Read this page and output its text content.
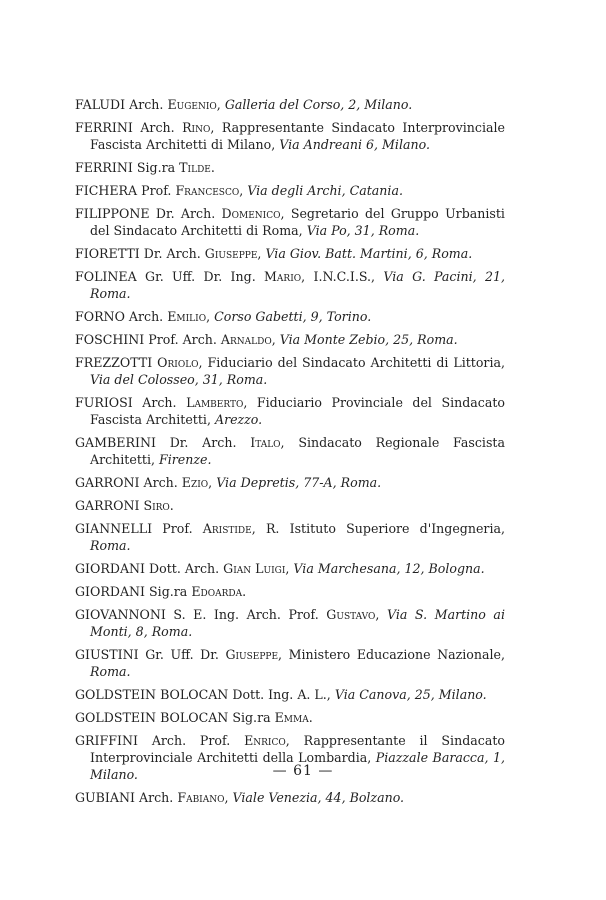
FALUDI Arch. Eugenio, Galleria del Corso, 2, Milano.

FERRINI Arch. Rino, Rappresentante Sindacato Interprovinciale Fascista Architetti di Milano, Via Andreani 6, Milano.

FERRINI Sig.ra Tilde.

FICHERA Prof. Francesco, Via degli Archi, Catania.

FILIPPONE Dr. Arch. Domenico, Segretario del Gruppo Urbanisti del Sindacato Architetti di Roma, Via Po, 31, Roma.

FIORETTI Dr. Arch. Giuseppe, Via Giov. Batt. Martini, 6, Roma.

FOLINEA Gr. Uff. Dr. Ing. Mario, I.N.C.I.S., Via G. Pacini, 21, Roma.

FORNO Arch. Emilio, Corso Gabetti, 9, Torino.

FOSCHINI Prof. Arch. Arnaldo, Via Monte Zebio, 25, Roma.

FREZZOTTI Oriolo, Fiduciario del Sindacato Architetti di Littoria, Via del Colosseo, 31, Roma.

FURIOSI Arch. Lamberto, Fiduciario Provinciale del Sindacato Fascista Architetti, Arezzo.

GAMBERINI Dr. Arch. Italo, Sindacato Regionale Fascista Architetti, Firenze.

GARRONI Arch. Ezio, Via Depretis, 77-A, Roma.

GARRONI Siro.

GIANNELLI Prof. Aristide, R. Istituto Superiore d'Ingegneria, Roma.

GIORDANI Dott. Arch. Gian Luigi, Via Marchesana, 12, Bologna.

GIORDANI Sig.ra Edoarda.

GIOVANNONI S. E. Ing. Arch. Prof. Gustavo, Via S. Martino ai Monti, 8, Roma.

GIUSTINI Gr. Uff. Dr. Giuseppe, Ministero Educazione Nazionale, Roma.

GOLDSTEIN BOLOCAN Dott. Ing. A. L., Via Canova, 25, Milano.

GOLDSTEIN BOLOCAN Sig.ra Emma.

GRIFFINI Arch. Prof. Enrico, Rappresentante il Sindacato Interprovinciale Architetti della Lombardia, Piazzale Baracca, 1, Milano.

GUBIANI Arch. Fabiano, Viale Venezia, 44, Bolzano.

— 61 —
